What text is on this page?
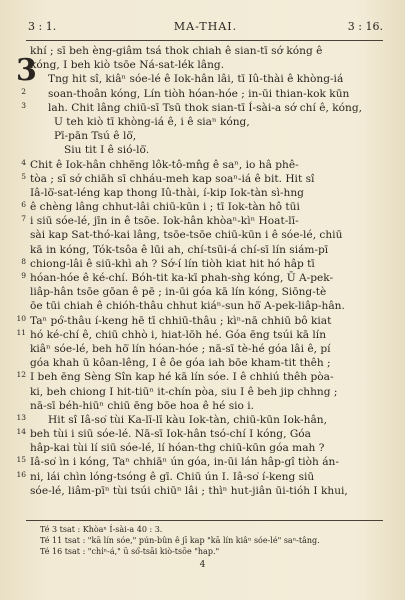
3 : 1.	MA-THAI.	3 : 16.
3
khí ; sī beh èng-giâm tsá thok chiah ê sian-tī sớ kóng ê
kóng, I beh kiò tsōe Ná-sat-lék lâng.
Tng hit sî, kiâⁿ sóe-lé ê Iok-hân lâi, tī Iû-thài ê khòng-iá
2 soan-thoân kóng, Lín tiòh hóan-hóe ; in-ūi thian-kok kūn
3 lah. Chit lâng chiū-sī Tsū thok sian-tī Í-sài-a sớ chí ê, kóng,
U teh kiò tī khòng-iá ê, i ê siaⁿ kóng,
Pī-pān Tsú ê lō͘,
Siu tit I ê sió-lō͘.
4 Chit ê Iok-hân chhēng lôk-tô-mn̂g ê saⁿ, io hâ phê-
5 tòa ; sī sớ chiāh sī chháu-meh kap soaⁿ-iá ê bit. Hit sî
Iâ-lō͘-sat-léng kap thong Iû-thài, í-kip Iok-tàn sì-hng
6 ê chèng lâng chhut-lâi chiū-kūn i ; tī Iok-tàn hô tūi
7 i siū sóe-lé, jīn in ê tsōe. Iok-hân khòaⁿ-kìⁿ Hoat-lī-
sài kap Sat-thó-kai lâng, tsōe-tsōe chiū-kūn i ê sóe-lé, chiū
kā in kóng, Tók-tsôa ê lūi ah, chí-tsūi-á chí-sī lín siám-pī
8 chiong-lâi ê siū-khì ah ? Sớ-í lín tiòh kiat hit hó hâp tī
9 hóan-hóe ê ké-chí. Bóh-tit ka-kī phah-sǹg kóng, Ū A-pek-
liâp-hân tsōe gōan ê pē ; in-ūi góa kā lín kóng, Siōng-tè
ōe tūi chiah ê chióh-thâu chhut kiáⁿ-sun hō͘ A-pek-liâp-hân.
10 Taⁿ pó͘-thâu í-keng hē tī chhiū-thâu ; kìⁿ-nā chhiū bô kiat
11 hó ké-chí ê, chiū chhò i, hiat-lōh hé. Góa ēng tsúi kā lín
kiâⁿ sóe-lé, beh hō͘ lín hóan-hóe ; nā-sī tè-hé góa lâi ê, pí
góa khah ū kôan-lêng, I ê ôe góa iah bōe kham-tit thêh ;
12 I beh ēng Sèng Sîn kap hé kā lín sóe. I ê chhiú thêh pòa-
ki, beh chiong I hit-tiūⁿ it-chín pòa, siu I ê beh jip chhng ;
nā-sī béh-hiūⁿ chiū ēng bōe hoa ê hé sio i.
13 Hit sî Iâ-so͘ tùi Ka-lī-lī kàu Iok-tàn, chiū-kūn Iok-hân,
14 beh tùi i siū sóe-lé. Nā-sī Iok-hân tsó-chí I kóng, Góa
hâp-kai tùi lí siū sóe-lé, lí hóan-thg chiū-kūn góa mah ?
15 Iâ-so͘ ìn i kóng, Taⁿ chhiāⁿ ún góa, in-ūi lán hâp-gî tiòh án-
16 ni, lái chìn lóng-tsóng ê gī. Chiū ún I. Iâ-so͘ í-keng siū
sóe-lé, liâm-pīⁿ tùi tsúi chiūⁿ lâi ; thìⁿ hut-jiân ūi-tióh I khui,
Té 3 tsat : Khòaⁿ Í-sài-a 40 : 3.
Té 11 tsat : "kā lín sóe," pún-bûn ê jī kap "kā lín kiâⁿ sóe-lé" saⁿ-tâng.
Té 16 tsat : "chi̍ⁿ-á," ū só͘-tsāi kiò-tsōe "hap."
4
